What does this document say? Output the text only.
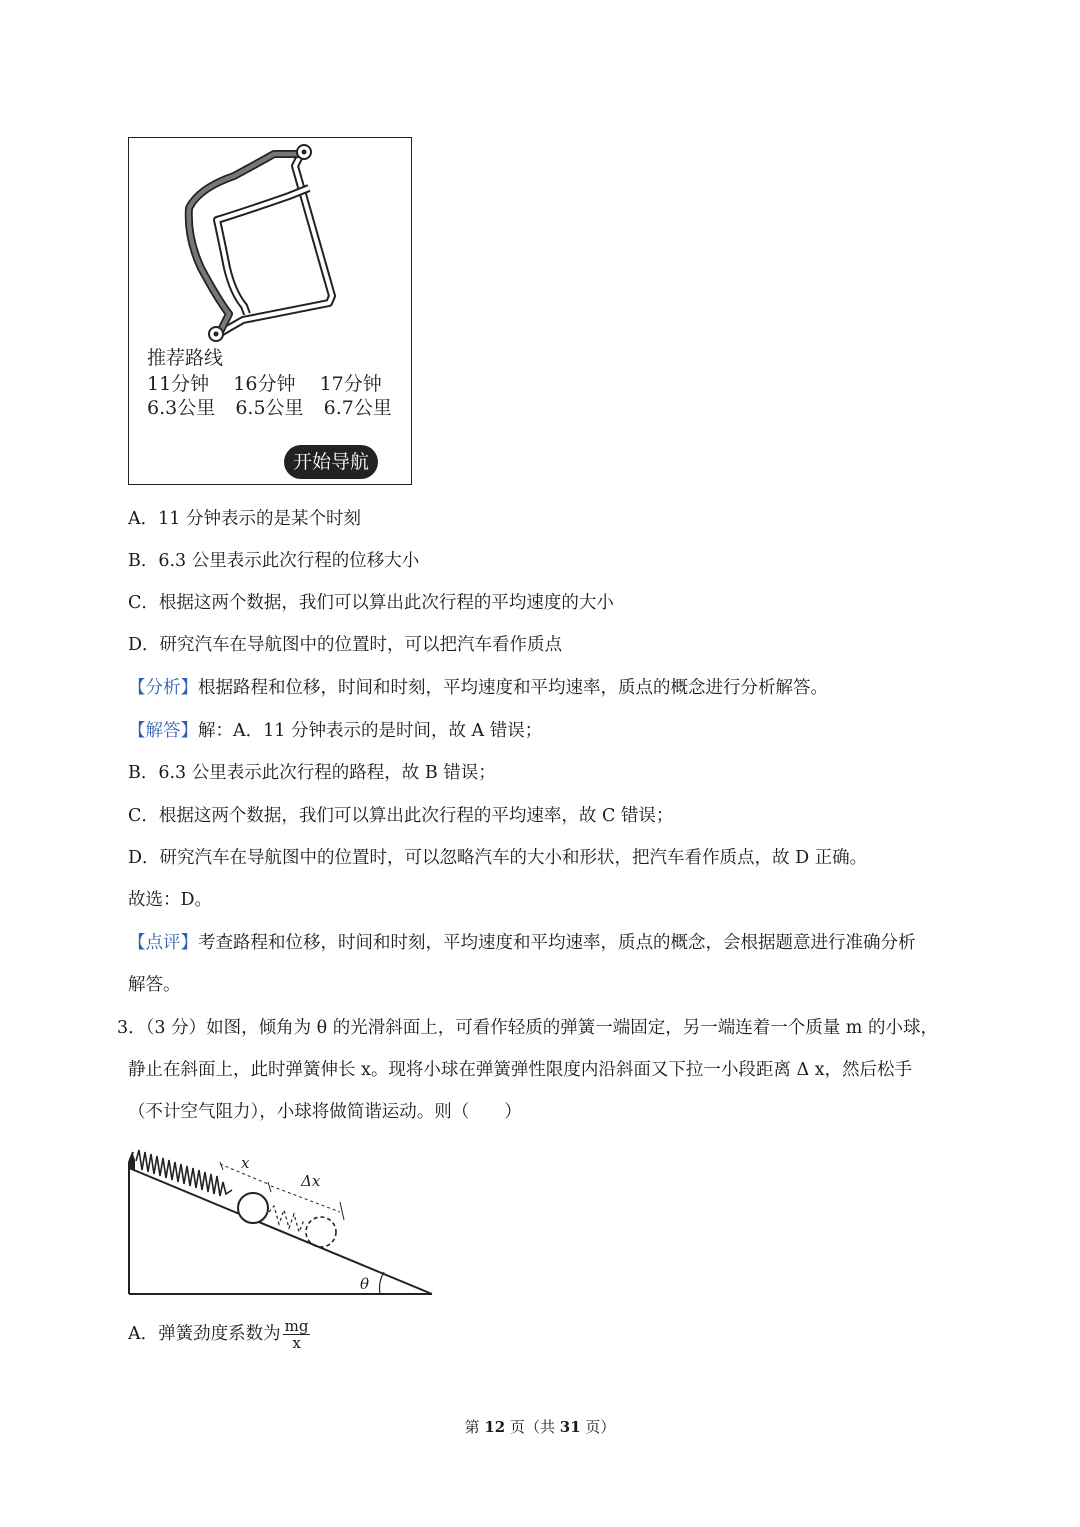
推荐路线
11分钟 16分钟 17分钟
6.3公里 6.5公里 6.7公里
开始导航
A．11 分钟表示的是某个时刻
B．6.3 公里表示此次行程的位移大小
C．根据这两个数据，我们可以算出此次行程的平均速度的大小
D．研究汽车在导航图中的位置时，可以把汽车看作质点
【分析】根据路程和位移，时间和时刻，平均速度和平均速率，质点的概念进行分析解答。
【解答】解：A．11 分钟表示的是时间，故 A 错误；
B．6.3 公里表示此次行程的路程，故 B 错误；
C．根据这两个数据，我们可以算出此次行程的平均速率，故 C 错误；
D．研究汽车在导航图中的位置时，可以忽略汽车的大小和形状，把汽车看作质点，故 D 正确。
故选：D。
【点评】考查路程和位移，时间和时刻，平均速度和平均速率，质点的概念，会根据题意进行准确分析
解答。
3．（3 分）如图，倾角为 θ 的光滑斜面上，可看作轻质的弹簧一端固定，另一端连着一个质量 m 的小球，
静止在斜面上，此时弹簧伸长 x。现将小球在弹簧弹性限度内沿斜面又下拉一小段距离 Δ x，然后松手
（不计空气阻力），小球将做简谐运动。则（　　）
x
Δx
θ
A．弹簧劲度系数为 $\frac{mg}{x}$
第 12 页（共 31 页）
